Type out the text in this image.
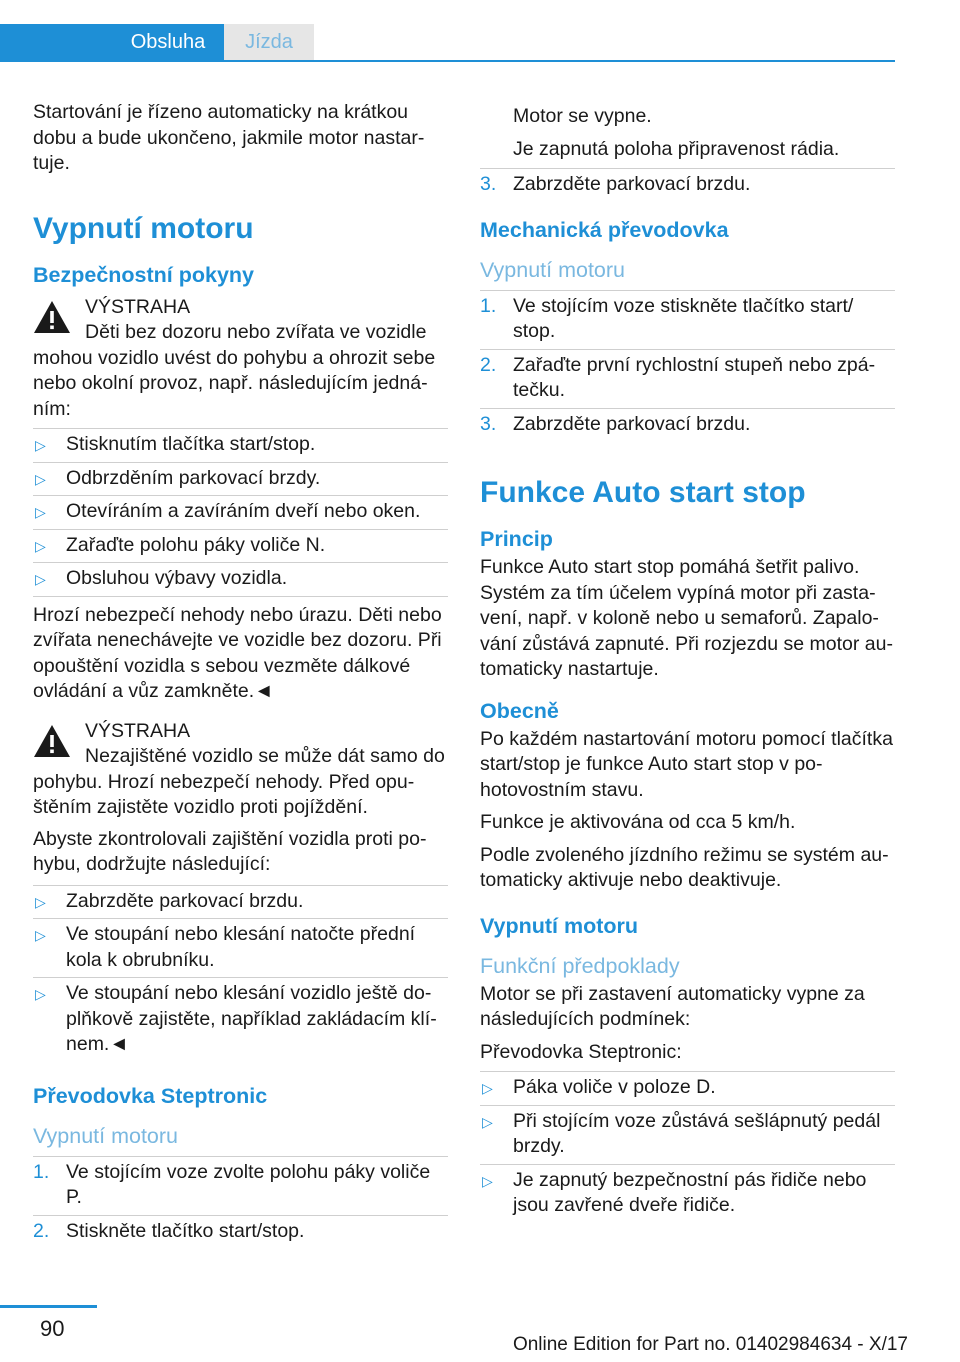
Obsluha	Jízda

Startování je řízeno automaticky na krátkou dobu a bude ukončeno, jakmile motor nastartuje.

Vypnutí motoru
Bezpečnostní pokyny
VÝSTRAHA
Děti bez dozoru nebo zvířata ve vozidle mohou vozidlo uvést do pohybu a ohrozit sebe nebo okolní provoz, např. následujícím jednáním:
▷ Stisknutím tlačítka start/stop.
▷ Odbrzděním parkovací brzdy.
▷ Otevíráním a zavíráním dveří nebo oken.
▷ Zařaďte polohu páky voliče N.
▷ Obsluhou výbavy vozidla.

Hrozí nebezpečí nehody nebo úrazu. Děti nebo zvířata nenechávejte ve vozidle bez dozoru. Při opouštění vozidla s sebou vezměte dálkové ovládání a vůz zamkněte.◄

VÝSTRAHA
Nezajištěné vozidlo se může dát samo do pohybu. Hrozí nebezpečí nehody. Před opuštěním zajistěte vozidlo proti pojíždění.

Abyste zkontrolovali zajištění vozidla proti pohybu, dodržujte následující:

▷ Zabrzděte parkovací brzdu.
▷ Ve stoupání nebo klesání natočte přední kola k obrubníku.
▷ Ve stoupání nebo klesání vozidlo ještě doplňkově zajistěte, například zakládacím klínem.◄
Převodovka Steptronic
Vypnutí motoru
1. Ve stojícím voze zvolte polohu páky voliče P.
2. Stiskněte tlačítko start/stop.

Motor se vypne.

Je zapnutá poloha připravenost rádia.

3. Zabrzděte parkovací brzdu.
Mechanická převodovka
Vypnutí motoru
1. Ve stojícím voze stiskněte tlačítko start/ stop.
2. Zařaďte první rychlostní stupeň nebo zpátečku.
3. Zabrzděte parkovací brzdu.
Funkce Auto start stop
Princip

Funkce Auto start stop pomáhá šetřit palivo. Systém za tím účelem vypíná motor při zastavení, např. v koloně nebo u semaforů. Zapalování zůstává zapnuté. Při rozjezdu se motor automaticky nastartuje.

Obecně

Po každém nastartování motoru pomocí tlačítka start/stop je funkce Auto start stop v pohotovostním stavu.

Funkce je aktivována od cca 5 km/h.

Podle zvoleného jízdního režimu se systém automaticky aktivuje nebo deaktivuje.

Vypnutí motoru
Funkční předpoklady

Motor se při zastavení automaticky vypne za následujících podmínek:

Převodovka Steptronic:

▷ Páka voliče v poloze D.
▷ Při stojícím voze zůstává sešlápnutý pedál brzdy.
▷ Je zapnutý bezpečnostní pás řidiče nebo jsou zavřené dveře řidiče.
90
Online Edition for Part no. 01402984634 - X/17
